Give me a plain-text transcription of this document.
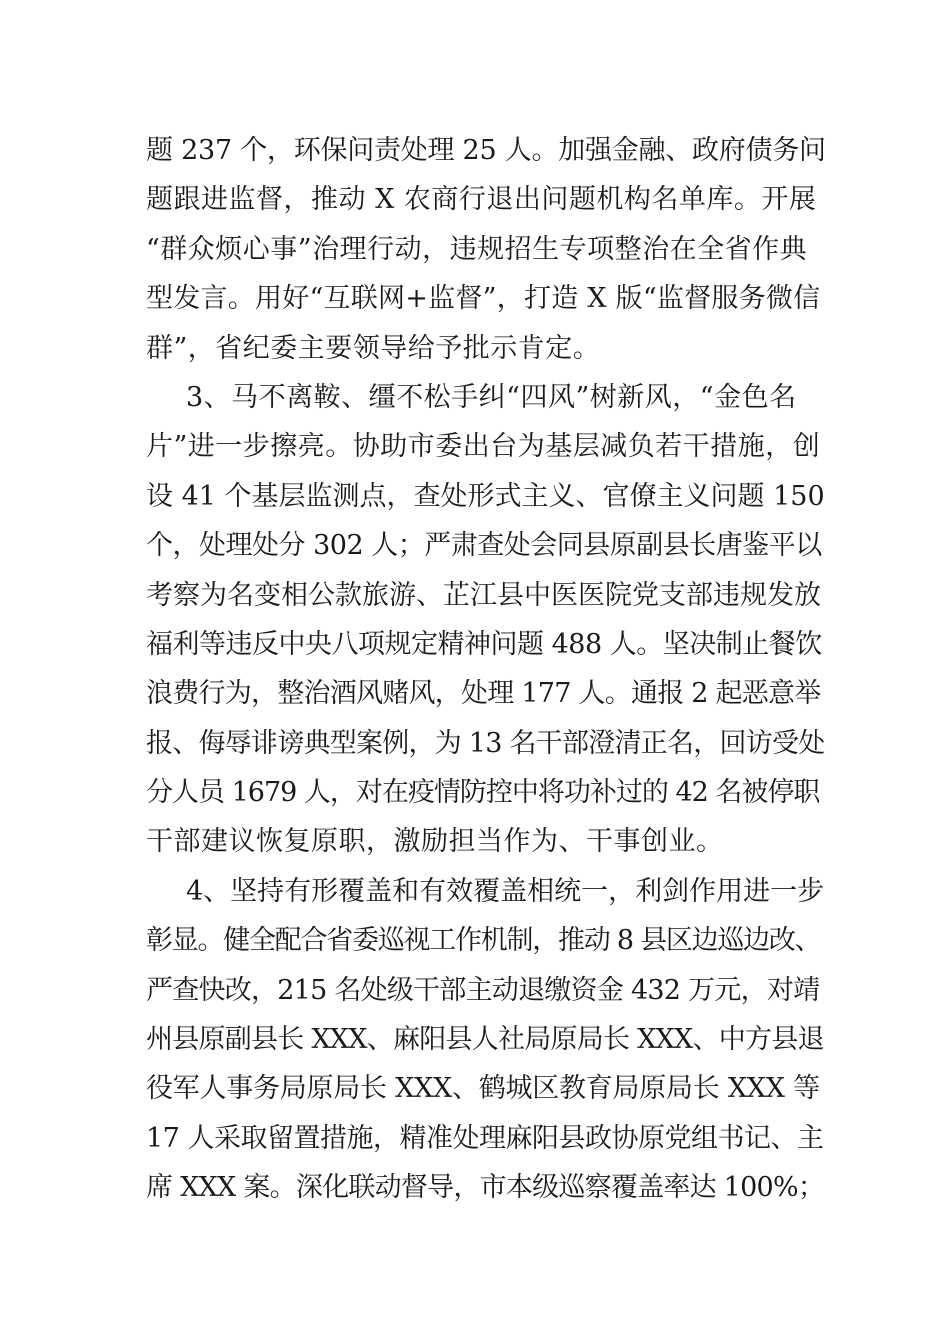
题 237 个，环保问责处理 25 人。加强金融、政府债务问
题跟进监督，推动 X 农商行退出问题机构名单库。开展
“群众烦心事”治理行动，违规招生专项整治在全省作典
型发言。用好“互联网+监督”，打造 X 版“监督服务微信
群”，省纪委主要领导给予批示肯定。
3、马不离鞍、缰不松手纠“四风”树新风，“金色名
片”进一步擦亮。协助市委出台为基层减负若干措施，创
设 41 个基层监测点，查处形式主义、官僚主义问题 150
个，处理处分 302 人；严肃查处会同县原副县长唐鉴平以
考察为名变相公款旅游、芷江县中医医院党支部违规发放
福利等违反中央八项规定精神问题 488 人。坚决制止餐饮
浪费行为，整治酒风赌风，处理 177 人。通报 2 起恶意举
报、侮辱诽谤典型案例，为 13 名干部澄清正名，回访受处
分人员 1679 人，对在疫情防控中将功补过的 42 名被停职
干部建议恢复原职，激励担当作为、干事创业。
4、坚持有形覆盖和有效覆盖相统一，利剑作用进一步
彰显。健全配合省委巡视工作机制，推动 8 县区边巡边改、
严查快改，215 名处级干部主动退缴资金 432 万元，对靖
州县原副县长 XXX、麻阳县人社局原局长 XXX、中方县退
役军人事务局原局长 XXX、鹤城区教育局原局长 XXX 等
17 人采取留置措施，精准处理麻阳县政协原党组书记、主
席 XXX 案。深化联动督导，市本级巡察覆盖率达 100%；
